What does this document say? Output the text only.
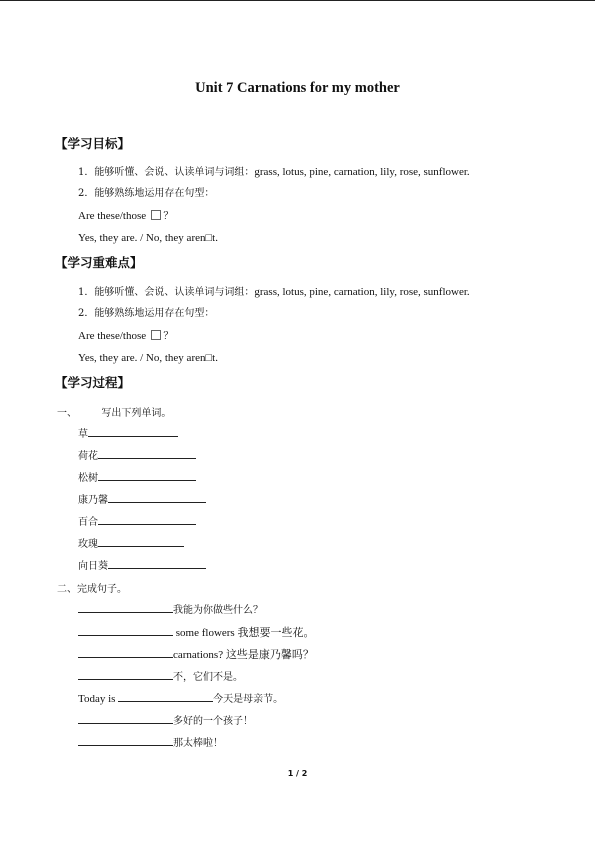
Unit 7 Carnations for my mother
【学习目标】
1．能够听懂、会说、认读单词与词组：grass, lotus, pine, carnation, lily, rose, sunflower.
2．能够熟练地运用存在句型：
Are these/those ？
Yes, they are. / No, they aren□t.
【学习重难点】
1．能够听懂、会说、认读单词与词组：grass, lotus, pine, carnation, lily, rose, sunflower.
2．能够熟练地运用存在句型：
Are these/those ？
Yes, they are. / No, they aren□t.
【学习过程】
一、 写出下列单词。
草
荷花
松树
康乃馨
百合
玫瑰
向日葵
二、完成句子。
我能为你做些什么？
some flowers 我想要一些花。
carnations? 这些是康乃馨吗？
不，它们不是。
Today is	今天是母亲节。
多好的一个孩子！
那太棒啦！
1 / 2
